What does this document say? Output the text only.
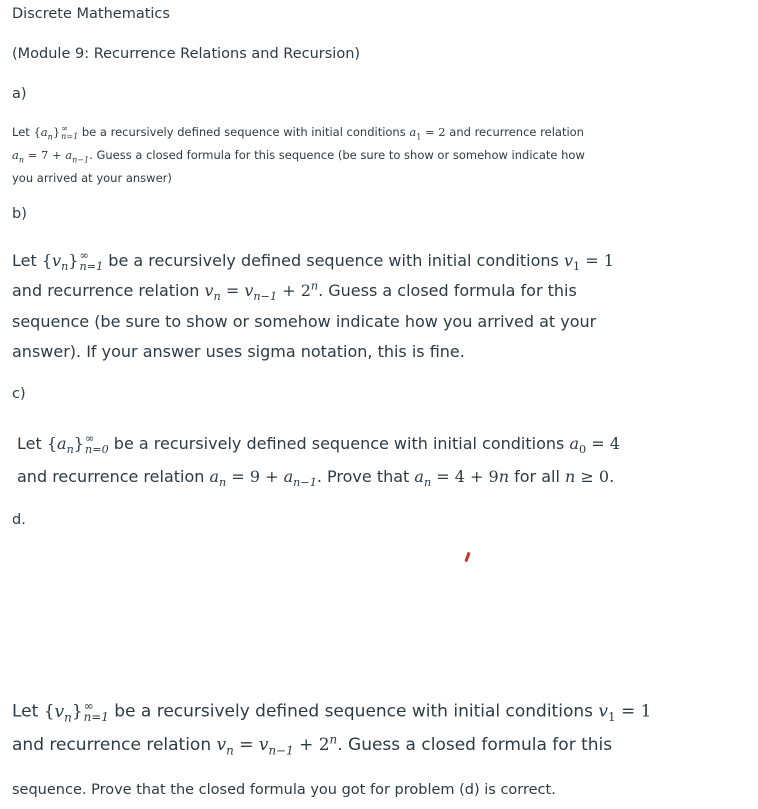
Discrete Mathematics
(Module 9: Recurrence Relations and Recursion)
a)
Let $\{a_n\}$ ∞
n=1 be a recursively defined sequence with initial conditions $a_1 = 2$ and recurrence relation
$a_n = 7 + a_{n-1}$. Guess a closed formula for this sequence (be sure to show or somehow indicate how
you arrived at your answer)
b)
Let $\{v_n\}$ ∞
n=1 be a recursively defined sequence with initial conditions $v_1 = 1$
and recurrence relation $v_n = v_{n-1} + 2^n$. Guess a closed formula for this
sequence (be sure to show or somehow indicate how you arrived at your
answer). If your answer uses sigma notation, this is fine.
c)
Let $\{a_n\}$ ∞
n=0 be a recursively defined sequence with initial conditions $a_0 = 4$
and recurrence relation $a_n = 9 + a_{n-1}$. Prove that $a_n = 4 + 9n$ for all n ≥ 0.
d.
Let $\{v_n\}$ ∞
n=1 be a recursively defined sequence with initial conditions $v_1 = 1$
and recurrence relation $v_n = v_{n-1} + 2^n$. Guess a closed formula for this
sequence. Prove that the closed formula you got for problem (d) is correct.
